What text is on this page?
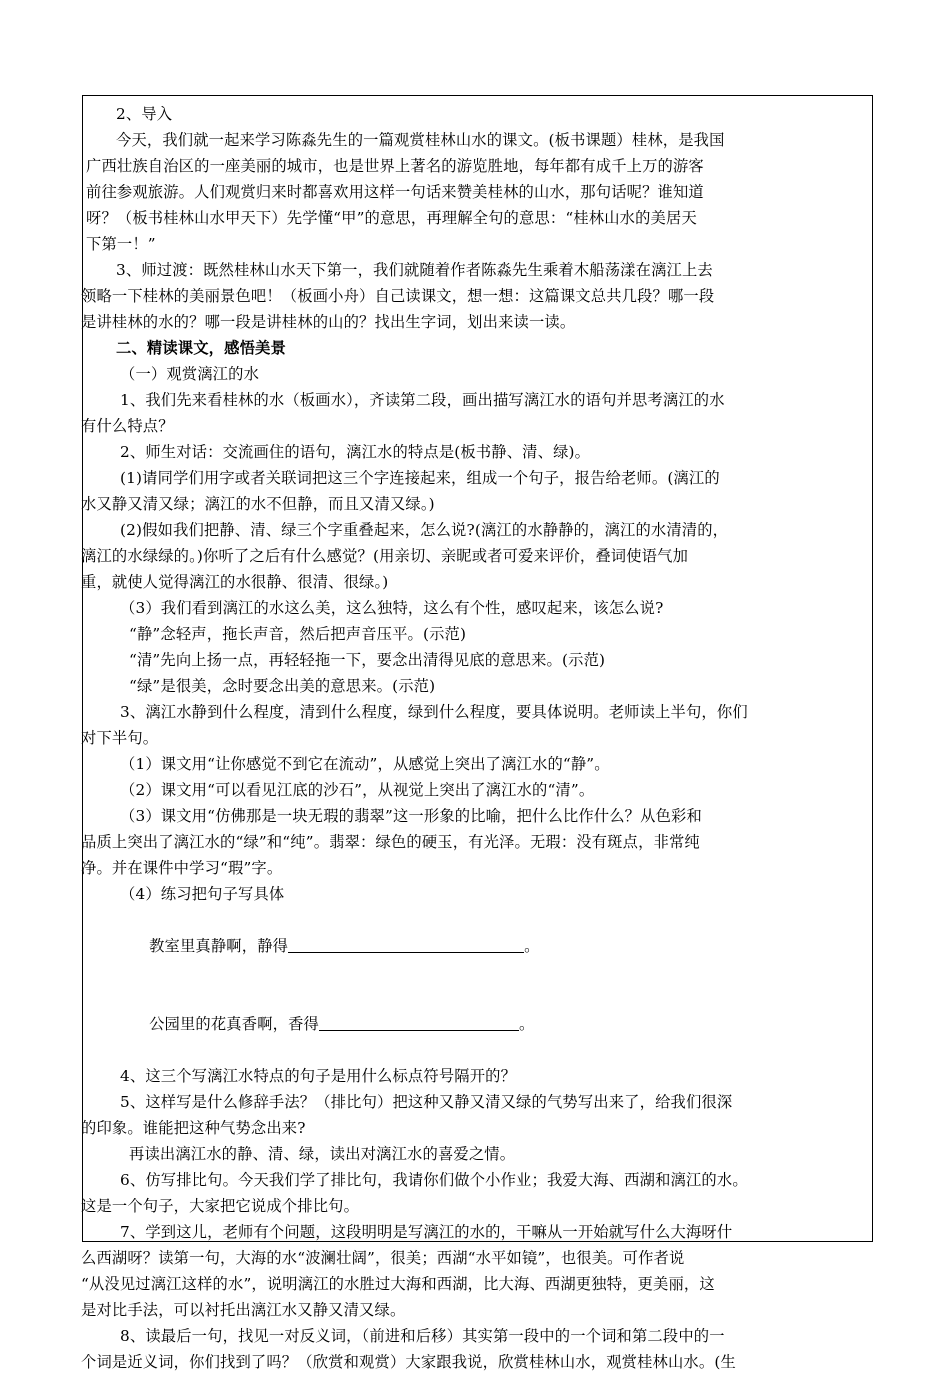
2、导入

今天，我们就一起来学习陈淼先生的一篇观赏桂林山水的课文。(板书课题）桂林，是我国

广西壮族自治区的一座美丽的城市，也是世界上著名的游览胜地，每年都有成千上万的游客

前往参观旅游。人们观赏归来时都喜欢用这样一句话来赞美桂林的山水，那句话呢？谁知道

呀？（板书桂林山水甲天下）先学懂“甲”的意思，再理解全句的意思：“桂林山水的美居天

下第一！”

3、师过渡：既然桂林山水天下第一，我们就随着作者陈淼先生乘着木船荡漾在漓江上去

领略一下桂林的美丽景色吧！（板画小舟）自己读课文，想一想：这篇课文总共几段？哪一段

是讲桂林的水的？哪一段是讲桂林的山的？找出生字词，划出来读一读。

二、精读课文，感悟美景

（一）观赏漓江的水

1、我们先来看桂林的水（板画水），齐读第二段，画出描写漓江水的语句并思考漓江的水

有什么特点？

2、师生对话：交流画住的语句，漓江水的特点是(板书静、清、绿)。

(1)请同学们用字或者关联词把这三个字连接起来，组成一个句子，报告给老师。(漓江的

水又静又清又绿；漓江的水不但静，而且又清又绿。)

(2)假如我们把静、清、绿三个字重叠起来，怎么说?(漓江的水静静的，漓江的水清清的，

漓江的水绿绿的。)你听了之后有什么感觉？(用亲切、亲昵或者可爱来评价，叠词使语气加

重，就使人觉得漓江的水很静、很清、很绿。)

（3）我们看到漓江的水这么美，这么独特，这么有个性，感叹起来，该怎么说?

“静”念轻声，拖长声音，然后把声音压平。(示范)

“清”先向上扬一点，再轻轻拖一下，要念出清得见底的意思来。(示范)

“绿”是很美，念时要念出美的意思来。(示范)

3、漓江水静到什么程度，清到什么程度，绿到什么程度，要具体说明。老师读上半句，你们

对下半句。

（1）课文用“让你感觉不到它在流动”，从感觉上突出了漓江水的“静”。

（2）课文用“可以看见江底的沙石”，从视觉上突出了漓江水的“清”。

（3）课文用“仿佛那是一块无瑕的翡翠”这一形象的比喻，把什么比作什么？从色彩和

品质上突出了漓江水的“绿”和“纯”。翡翠：绿色的硬玉，有光泽。无瑕：没有斑点，非常纯

净。并在课件中学习“瑕”字。

（4）练习把句子写具体

教室里真静啊，静得	。

公园里的花真香啊，香得	。

4、这三个写漓江水特点的句子是用什么标点符号隔开的？

5、这样写是什么修辞手法？（排比句）把这种又静又清又绿的气势写出来了，给我们很深

的印象。谁能把这种气势念出来?

再读出漓江水的静、清、绿，读出对漓江水的喜爱之情。

6、仿写排比句。今天我们学了排比句，我请你们做个小作业；我爱大海、西湖和漓江的水。

这是一个句子，大家把它说成个排比句。

7、学到这儿，老师有个问题，这段明明是写漓江的水的，干嘛从一开始就写什么大海呀什

么西湖呀？读第一句，大海的水“波澜壮阔”，很美；西湖“水平如镜”，也很美。可作者说

“从没见过漓江这样的水”，说明漓江的水胜过大海和西湖，比大海、西湖更独特，更美丽，这

是对比手法，可以衬托出漓江水又静又清又绿。

8、读最后一句，找见一对反义词，（前进和后移）其实第一段中的一个词和第二段中的一

个词是近义词，你们找到了吗？（欣赏和观赏）大家跟我说，欣赏桂林山水，观赏桂林山水。(生
